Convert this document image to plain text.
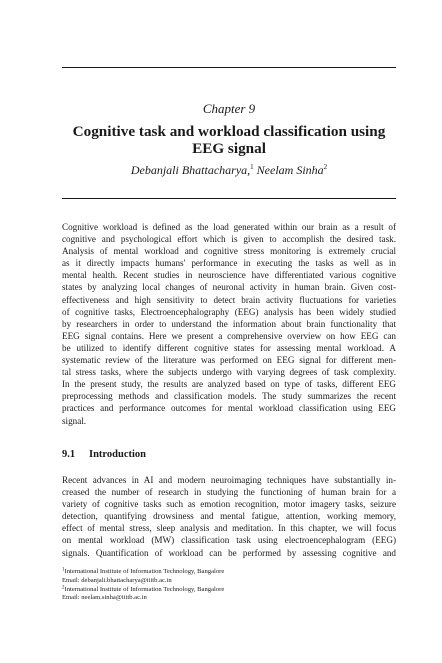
Chapter 9
Cognitive task and workload classification using
EEG signal
Debanjali Bhattacharya,$^1$ Neelam Sinha$^2$
Cognitive workload is defined as the load generated within our brain as a result of
cognitive and psychological effort which is given to accomplish the desired task.
Analysis of mental workload and cognitive stress monitoring is extremely crucial
as it directly impacts humans' performance in executing the tasks as well as in
mental health. Recent studies in neuroscience have differentiated various cognitive
states by analyzing local changes of neuronal activity in human brain. Given cost-
effectiveness and high sensitivity to detect brain activity fluctuations for varieties
of cognitive tasks, Electroencephalography (EEG) analysis has been widely studied
by researchers in order to understand the information about brain functionality that
EEG signal contains. Here we present a comprehensive overview on how EEG can
be utilized to identify different cognitive states for assessing mental workload. A
systematic review of the literature was performed on EEG signal for different men-
tal stress tasks, where the subjects undergo with varying degrees of task complexity.
In the present study, the results are analyzed based on type of tasks, different EEG
preprocessing methods and classification models. The study summarizes the recent
practices and performance outcomes for mental workload classification using EEG
signal.
9.1 Introduction
Recent advances in AI and modern neuroimaging techniques have substantially in-
creased the number of research in studying the functioning of human brain for a
variety of cognitive tasks such as emotion recognition, motor imagery tasks, seizure
detection, quantifying drowsiness and mental fatigue, attention, working memory,
effect of mental stress, sleep analysis and meditation. In this chapter, we will focus
on mental workload (MW) classification task using electroencephalogram (EEG)
signals. Quantification of workload can be performed by assessing cognitive and
$^1$International Institute of Information Technology, Bangalore
Email: debanjali.bhattacharya@iiitb.ac.in
$^2$International Institute of Information Technology, Bangalore
Email: neelam.sinha@iiitb.ac.in
